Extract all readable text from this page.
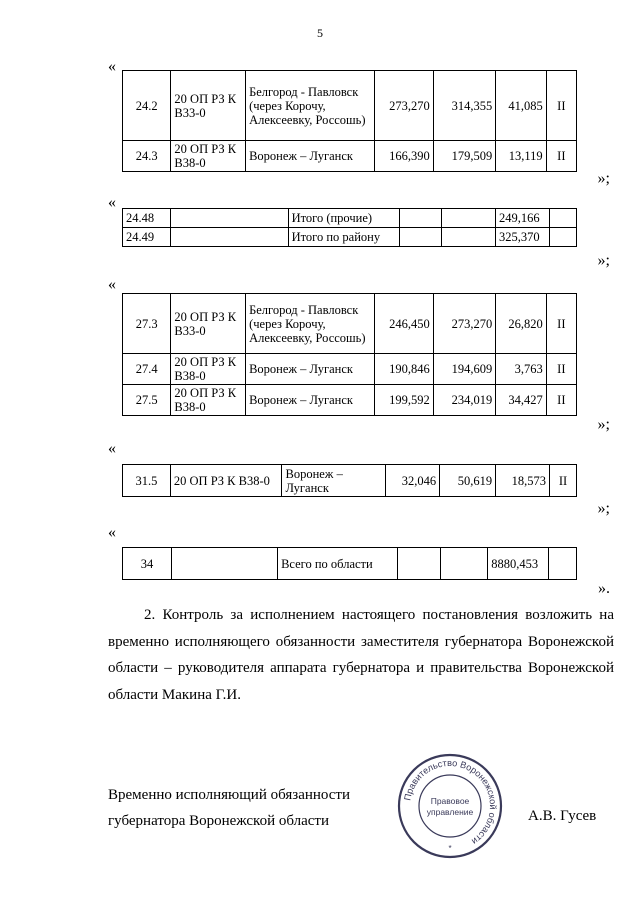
5
«
24.2	20 ОП РЗ К В33-0	Белгород - Павловск (через Корочу, Алексеевку, Россошь)	273,270	314,355	41,085	II
24.3	20 ОП РЗ К В38-0	Воронеж – Луганск	166,390	179,509	13,119	II
»;
«
24.48		Итого (прочие)			249,166	
24.49		Итого по району			325,370	
»;
«
27.3	20 ОП РЗ К В33-0	Белгород - Павловск (через Корочу, Алексеевку, Россошь)	246,450	273,270	26,820	II
27.4	20 ОП РЗ К В38-0	Воронеж – Луганск	190,846	194,609	3,763	II
27.5	20 ОП РЗ К В38-0	Воронеж – Луганск	199,592	234,019	34,427	II
»;
«
31.5	20 ОП РЗ К В38-0	Воронеж – Луганск	32,046	50,619	18,573	II
»;
«
34		Всего по области			8880,453	
».
2. Контроль за исполнением настоящего постановления возложить на временно исполняющего обязанности заместителя губернатора Воронежской области – руководителя аппарата губернатора и правительства Воронежской области Макина Г.И.
Временно исполняющий обязанности
губернатора Воронежской области	А.В. Гусев
Правительство Воронежской области
Правовое
управление
*
